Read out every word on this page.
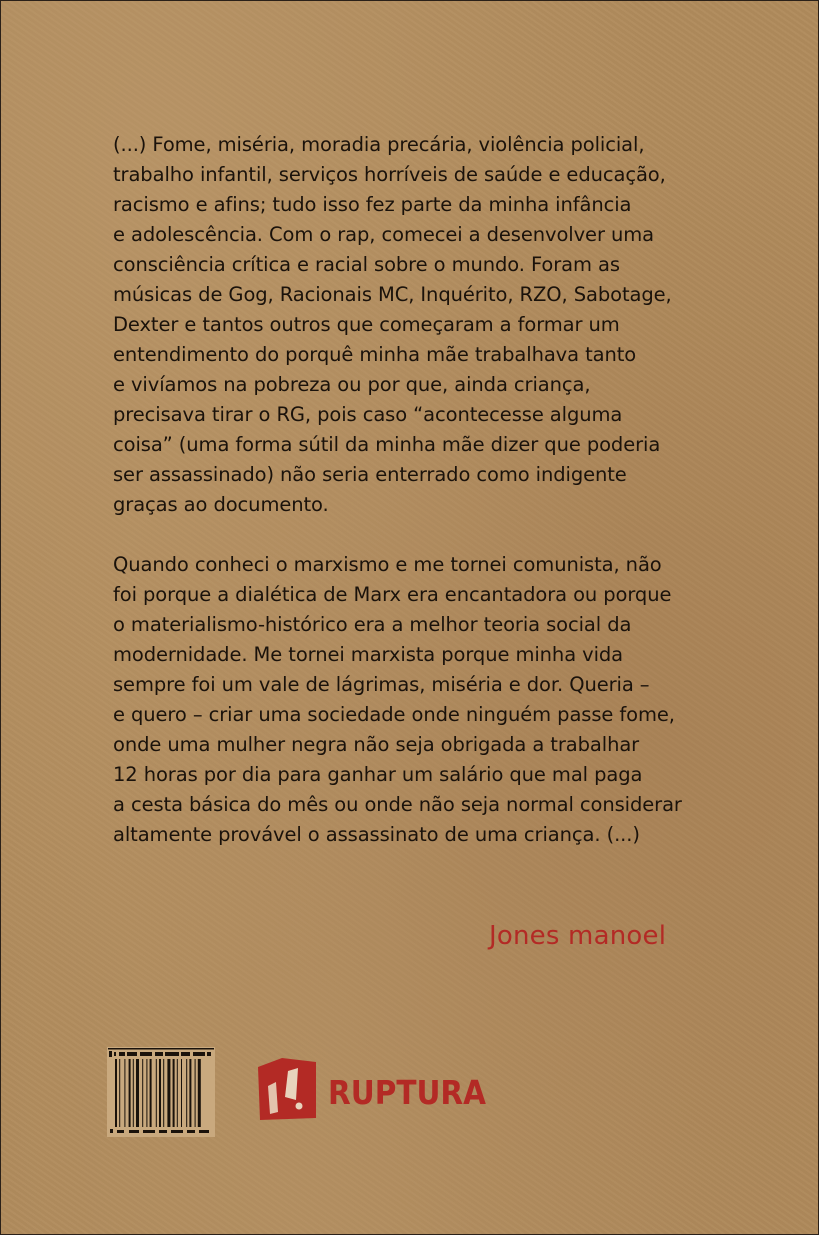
(...) Fome, miséria, moradia precária, violência policial,
trabalho infantil, serviços horríveis de saúde e educação,
racismo e afins; tudo isso fez parte da minha infância
e adolescência. Com o rap, comecei a desenvolver uma
consciência crítica e racial sobre o mundo. Foram as
músicas de Gog, Racionais MC, Inquérito, RZO, Sabotage,
Dexter e tantos outros que começaram a formar um
entendimento do porquê minha mãe trabalhava tanto
e vivíamos na pobreza ou por que, ainda criança,
precisava tirar o RG, pois caso “acontecesse alguma
coisa” (uma forma sútil da minha mãe dizer que poderia
ser assassinado) não seria enterrado como indigente
graças ao documento.

Quando conheci o marxismo e me tornei comunista, não
foi porque a dialética de Marx era encantadora ou porque
o materialismo-histórico era a melhor teoria social da
modernidade. Me tornei marxista porque minha vida
sempre foi um vale de lágrimas, miséria e dor. Queria –
e quero – criar uma sociedade onde ninguém passe fome,
onde uma mulher negra não seja obrigada a trabalhar
12 horas por dia para ganhar um salário que mal paga
a cesta básica do mês ou onde não seja normal considerar
altamente provável o assassinato de uma criança. (...)

Jones manoel
RUPTURA
